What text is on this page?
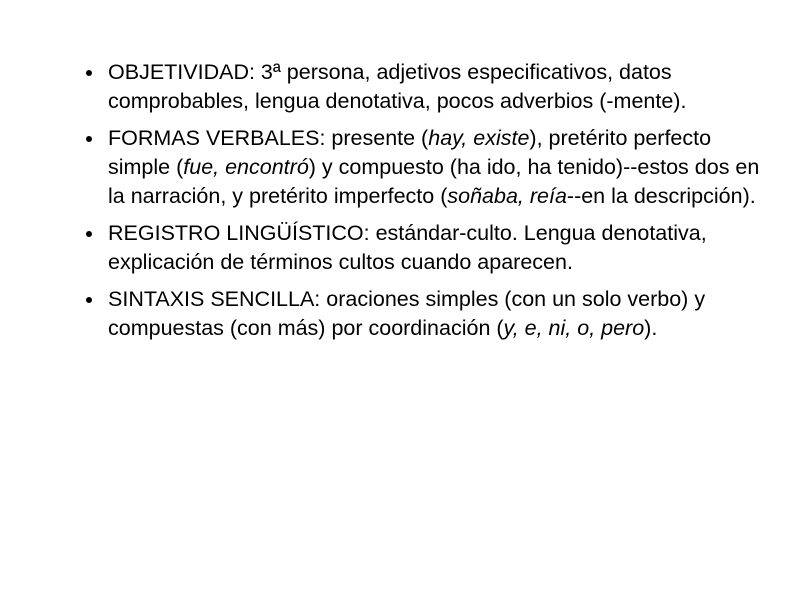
OBJETIVIDAD: 3ª persona, adjetivos especificativos, datos comprobables, lengua denotativa, pocos adverbios (-mente).
FORMAS VERBALES: presente (hay, existe), pretérito perfecto simple (fue, encontró) y compuesto (ha ido, ha tenido)--estos dos en la narración, y pretérito imperfecto (soñaba, reía--en la descripción).
REGISTRO LINGÜÍSTICO: estándar-culto. Lengua denotativa, explicación de términos cultos cuando aparecen.
SINTAXIS SENCILLA: oraciones simples (con un solo verbo) y compuestas (con más) por coordinación (y, e, ni, o, pero).
